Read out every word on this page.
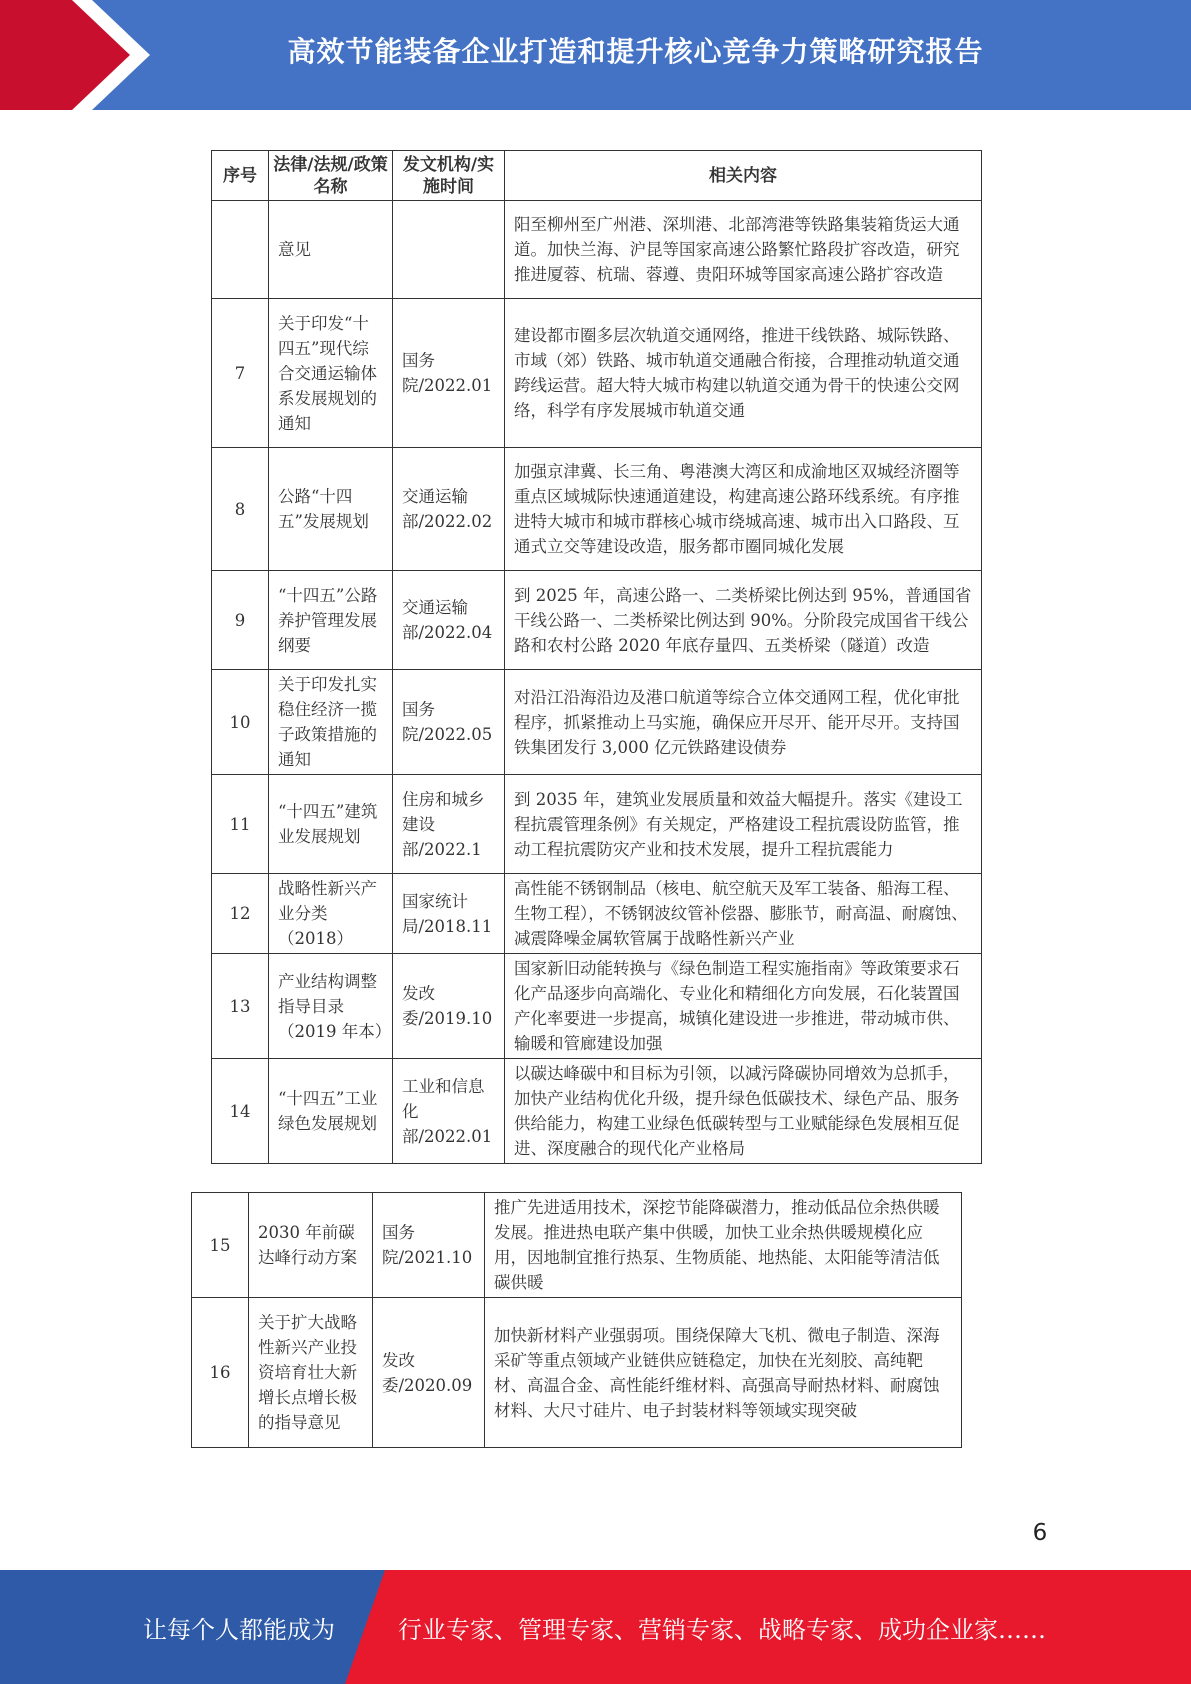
高效节能装备企业打造和提升核心竞争力策略研究报告
序号	法律/法规/政策名称	发文机构/实施时间	相关内容
	意见		阳至柳州至广州港、深圳港、北部湾港等铁路集装箱货运大通道。加快兰海、沪昆等国家高速公路繁忙路段扩容改造，研究推进厦蓉、杭瑞、蓉遵、贵阳环城等国家高速公路扩容改造
7	关于印发“十四五”现代综合交通运输体系发展规划的通知	国务院/2022.01	建设都市圈多层次轨道交通网络，推进干线铁路、城际铁路、市域（郊）铁路、城市轨道交通融合衔接，合理推动轨道交通跨线运营。超大特大城市构建以轨道交通为骨干的快速公交网络，科学有序发展城市轨道交通
8	公路“十四五”发展规划	交通运输部/2022.02	加强京津冀、长三角、粤港澳大湾区和成渝地区双城经济圈等重点区域城际快速通道建设，构建高速公路环线系统。有序推进特大城市和城市群核心城市绕城高速、城市出入口路段、互通式立交等建设改造，服务都市圈同城化发展
9	“十四五”公路养护管理发展纲要	交通运输部/2022.04	到 2025 年，高速公路一、二类桥梁比例达到 95%，普通国省干线公路一、二类桥梁比例达到 90%。分阶段完成国省干线公路和农村公路 2020 年底存量四、五类桥梁（隧道）改造
10	关于印发扎实稳住经济一揽子政策措施的通知	国务院/2022.05	对沿江沿海沿边及港口航道等综合立体交通网工程，优化审批程序，抓紧推动上马实施，确保应开尽开、能开尽开。支持国铁集团发行 3,000 亿元铁路建设债券
11	“十四五”建筑业发展规划	住房和城乡建设部/2022.1	到 2035 年，建筑业发展质量和效益大幅提升。落实《建设工程抗震管理条例》有关规定，严格建设工程抗震设防监管，推动工程抗震防灾产业和技术发展，提升工程抗震能力
12	战略性新兴产业分类（2018）	国家统计局/2018.11	高性能不锈钢制品（核电、航空航天及军工装备、船海工程、生物工程），不锈钢波纹管补偿器、膨胀节，耐高温、耐腐蚀、减震降噪金属软管属于战略性新兴产业
13	产业结构调整指导目录（2019 年本）	发改委/2019.10	国家新旧动能转换与《绿色制造工程实施指南》等政策要求石化产品逐步向高端化、专业化和精细化方向发展，石化装置国产化率要进一步提高，城镇化建设进一步推进，带动城市供、输暖和管廊建设加强
14	“十四五”工业绿色发展规划	工业和信息化部/2022.01	以碳达峰碳中和目标为引领，以减污降碳协同增效为总抓手，加快产业结构优化升级，提升绿色低碳技术、绿色产品、服务供给能力，构建工业绿色低碳转型与工业赋能绿色发展相互促进、深度融合的现代化产业格局
15	2030 年前碳达峰行动方案	国务院/2021.10	推广先进适用技术，深挖节能降碳潜力，推动低品位余热供暖发展。推进热电联产集中供暖，加快工业余热供暖规模化应用，因地制宜推行热泵、生物质能、地热能、太阳能等清洁低碳供暖
16	关于扩大战略性新兴产业投资培育壮大新增长点增长极的指导意见	发改委/2020.09	加快新材料产业强弱项。围绕保障大飞机、微电子制造、深海采矿等重点领域产业链供应链稳定，加快在光刻胶、高纯靶材、高温合金、高性能纤维材料、高强高导耐热材料、耐腐蚀材料、大尺寸硅片、电子封装材料等领域实现突破
6
让每个人都能成为	行业专家、管理专家、营销专家、战略专家、成功企业家……
